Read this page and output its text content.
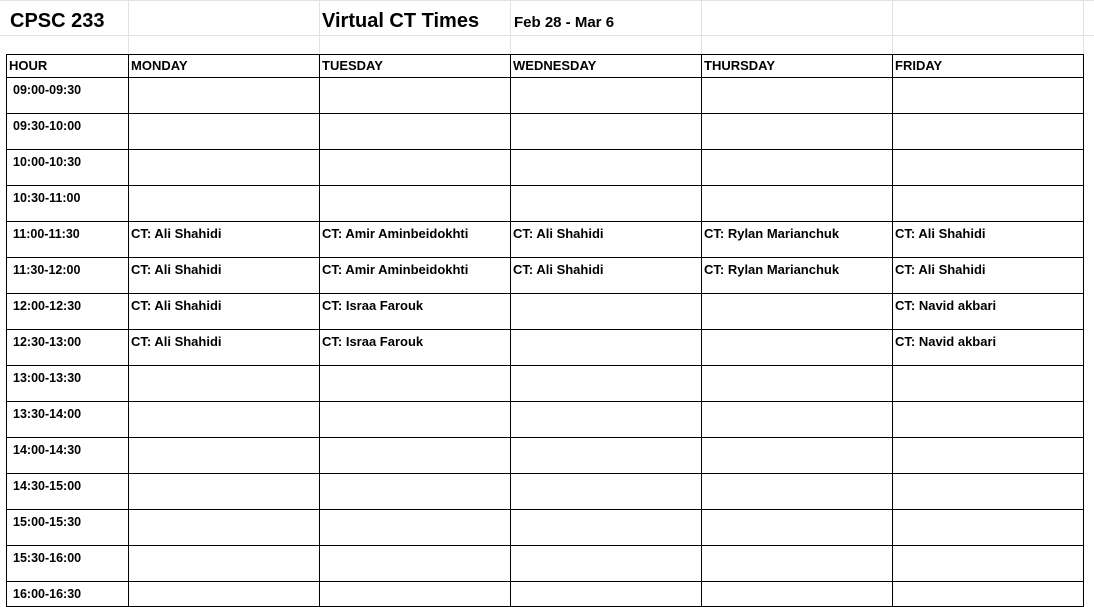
CPSC 233	Virtual CT Times Feb 28 - Mar 6
HOUR	MONDAY	TUESDAY	WEDNESDAY	THURSDAY	FRIDAY
09:00-09:30					
09:30-10:00					
10:00-10:30					
10:30-11:00					
11:00-11:30	CT: Ali Shahidi	CT: Amir Aminbeidokhti	CT: Ali Shahidi	CT: Rylan Marianchuk	CT: Ali Shahidi
11:30-12:00	CT: Ali Shahidi	CT: Amir Aminbeidokhti	CT: Ali Shahidi	CT: Rylan Marianchuk	CT: Ali Shahidi
12:00-12:30	CT: Ali Shahidi	CT: Israa Farouk			CT: Navid akbari
12:30-13:00	CT: Ali Shahidi	CT: Israa Farouk			CT: Navid akbari
13:00-13:30					
13:30-14:00					
14:00-14:30					
14:30-15:00					
15:00-15:30					
15:30-16:00					
16:00-16:30					
